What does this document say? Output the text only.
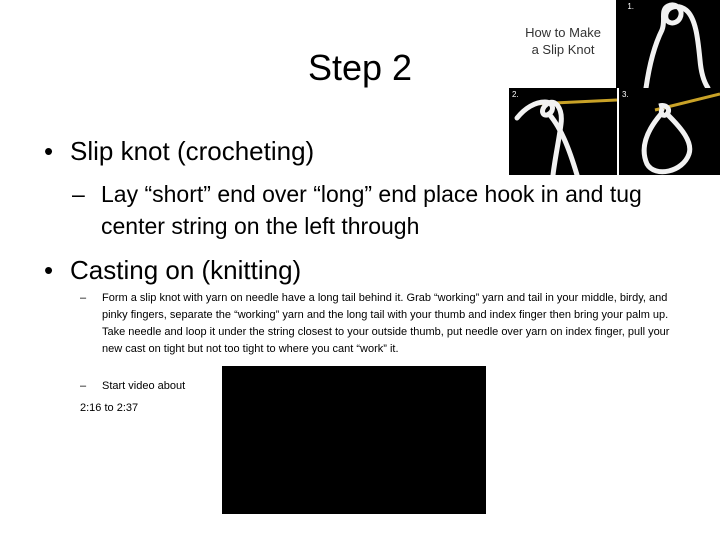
Step 2
How to Make
a Slip Knot
1.
2.	3.
• Slip knot (crocheting)
– Lay “short” end over “long” end place hook in and tug center string on the left through
• Casting on (knitting)
–	Form a slip knot with yarn on needle have a long tail behind it. Grab “working” yarn and tail in your middle, birdy, and pinky fingers, separate the “working” yarn and the long tail with your thumb and index finger then bring your palm up. Take needle and loop it under the string closest to your outside thumb, put needle over yarn on index finger, pull your new cast on tight but not too tight to where you cant “work” it.
–	Start video about
2:16 to 2:37
